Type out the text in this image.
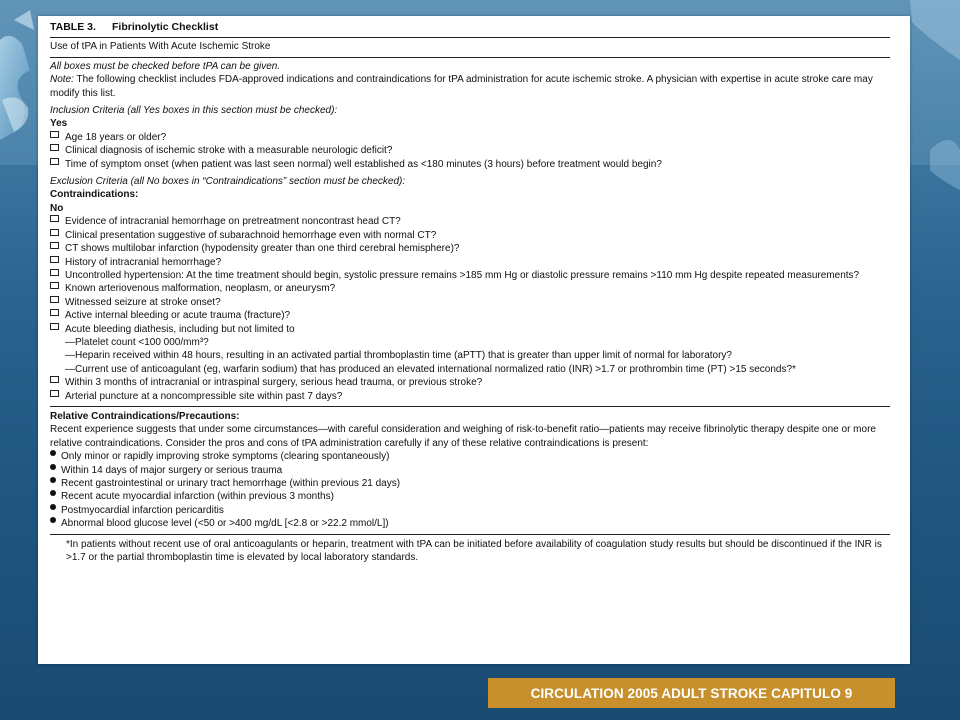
TABLE 3. Fibrinolytic Checklist
Use of tPA in Patients With Acute Ischemic Stroke
All boxes must be checked before tPA can be given.
Note: The following checklist includes FDA-approved indications and contraindications for tPA administration for acute ischemic stroke. A physician with expertise in acute stroke care may modify this list.
Inclusion Criteria (all Yes boxes in this section must be checked):
Yes
Age 18 years or older?
Clinical diagnosis of ischemic stroke with a measurable neurologic deficit?
Time of symptom onset (when patient was last seen normal) well established as <180 minutes (3 hours) before treatment would begin?
Exclusion Criteria (all No boxes in “Contraindications” section must be checked):
Contraindications:
No
Evidence of intracranial hemorrhage on pretreatment noncontrast head CT?
Clinical presentation suggestive of subarachnoid hemorrhage even with normal CT?
CT shows multilobar infarction (hypodensity greater than one third cerebral hemisphere)?
History of intracranial hemorrhage?
Uncontrolled hypertension: At the time treatment should begin, systolic pressure remains >185 mm Hg or diastolic pressure remains >110 mm Hg despite repeated measurements?
Known arteriovenous malformation, neoplasm, or aneurysm?
Witnessed seizure at stroke onset?
Active internal bleeding or acute trauma (fracture)?
Acute bleeding diathesis, including but not limited to
—Platelet count <100 000/mm³?
—Heparin received within 48 hours, resulting in an activated partial thromboplastin time (aPTT) that is greater than upper limit of normal for laboratory?
—Current use of anticoagulant (eg, warfarin sodium) that has produced an elevated international normalized ratio (INR) >1.7 or prothrombin time (PT) >15 seconds?*
Within 3 months of intracranial or intraspinal surgery, serious head trauma, or previous stroke?
Arterial puncture at a noncompressible site within past 7 days?
Relative Contraindications/Precautions:
Recent experience suggests that under some circumstances—with careful consideration and weighing of risk-to-benefit ratio—patients may receive fibrinolytic therapy despite one or more relative contraindications. Consider the pros and cons of tPA administration carefully if any of these relative contraindications is present:
Only minor or rapidly improving stroke symptoms (clearing spontaneously)
Within 14 days of major surgery or serious trauma
Recent gastrointestinal or urinary tract hemorrhage (within previous 21 days)
Recent acute myocardial infarction (within previous 3 months)
Postmyocardial infarction pericarditis
Abnormal blood glucose level (<50 or >400 mg/dL [<2.8 or >22.2 mmol/L])
*In patients without recent use of oral anticoagulants or heparin, treatment with tPA can be initiated before availability of coagulation study results but should be discontinued if the INR is >1.7 or the partial thromboplastin time is elevated by local laboratory standards.
CIRCULATION 2005 ADULT STROKE CAPITULO 9
